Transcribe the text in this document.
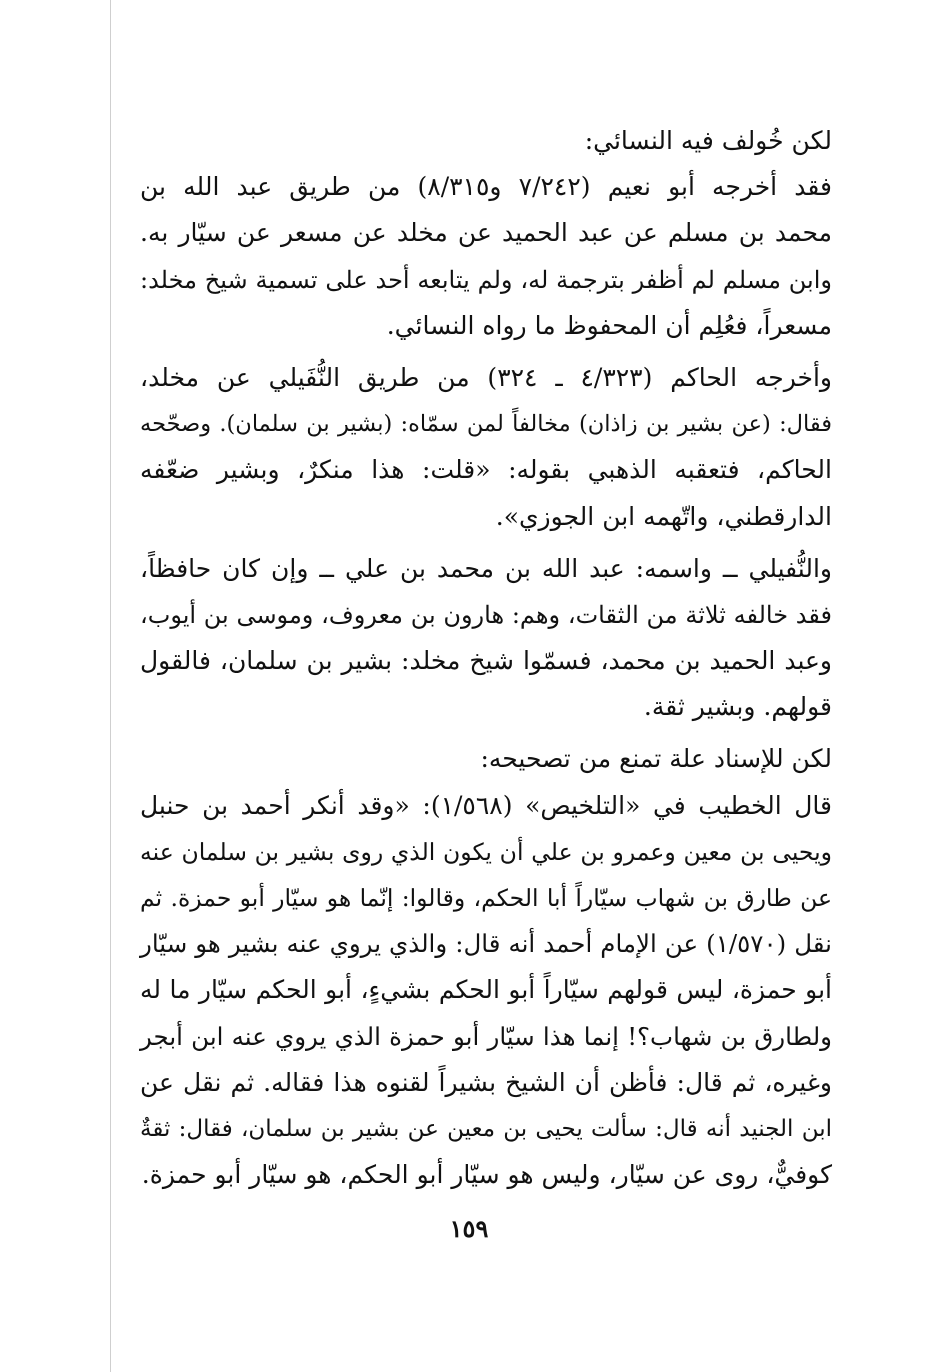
لكن خُولف فيه النسائي:
فقد أخرجه أبو نعيم (٧/٢٤٢ و٨/٣١٥) من طريق عبد الله بن
محمد بن مسلم عن عبد الحميد عن مخلد عن مسعر عن سيّار به.
وابن مسلم لم أظفر بترجمة له، ولم يتابعه أحد على تسمية شيخ مخلد:
مسعراً، فعُلِم أن المحفوظ ما رواه النسائي.
وأخرجه الحاكم (٤/٣٢٣ ـ ٣٢٤) من طريق النُّفَيلي عن مخلد،
فقال: (عن بشير بن زاذان) مخالفاً لمن سمّاه: (بشير بن سلمان). وصحّحه
الحاكم، فتعقبه الذهبي بقوله: «قلت: هذا منكرٌ، وبشير ضعّفه
الدارقطني، واتّهمه ابن الجوزي».
والنُّفيلي ــ واسمه: عبد الله بن محمد بن علي ــ وإن كان حافظاً،
فقد خالفه ثلاثة من الثقات، وهم: هارون بن معروف، وموسى بن أيوب،
وعبد الحميد بن محمد، فسمّوا شيخ مخلد: بشير بن سلمان، فالقول
قولهم. وبشير ثقة.
لكن للإسناد علة تمنع من تصحيحه:
قال الخطيب في «التلخيص» (١/٥٦٨): «وقد أنكر أحمد بن حنبل
ويحيى بن معين وعمرو بن علي أن يكون الذي روى بشير بن سلمان عنه
عن طارق بن شهاب سيّاراً أبا الحكم، وقالوا: إنّما هو سيّار أبو حمزة. ثم
نقل (١/٥٧٠) عن الإمام أحمد أنه قال: والذي يروي عنه بشير هو سيّار
أبو حمزة، ليس قولهم سيّاراً أبو الحكم بشيءٍ، أبو الحكم سيّار ما له
ولطارق بن شهاب؟! إنما هذا سيّار أبو حمزة الذي يروي عنه ابن أبجر
وغيره، ثم قال: فأظن أن الشيخ بشيراً لقنوه هذا فقاله. ثم نقل عن
ابن الجنيد أنه قال: سألت يحيى بن معين عن بشير بن سلمان، فقال: ثقةٌ
كوفيٌّ، روى عن سيّار، وليس هو سيّار أبو الحكم، هو سيّار أبو حمزة.
١٥٩
